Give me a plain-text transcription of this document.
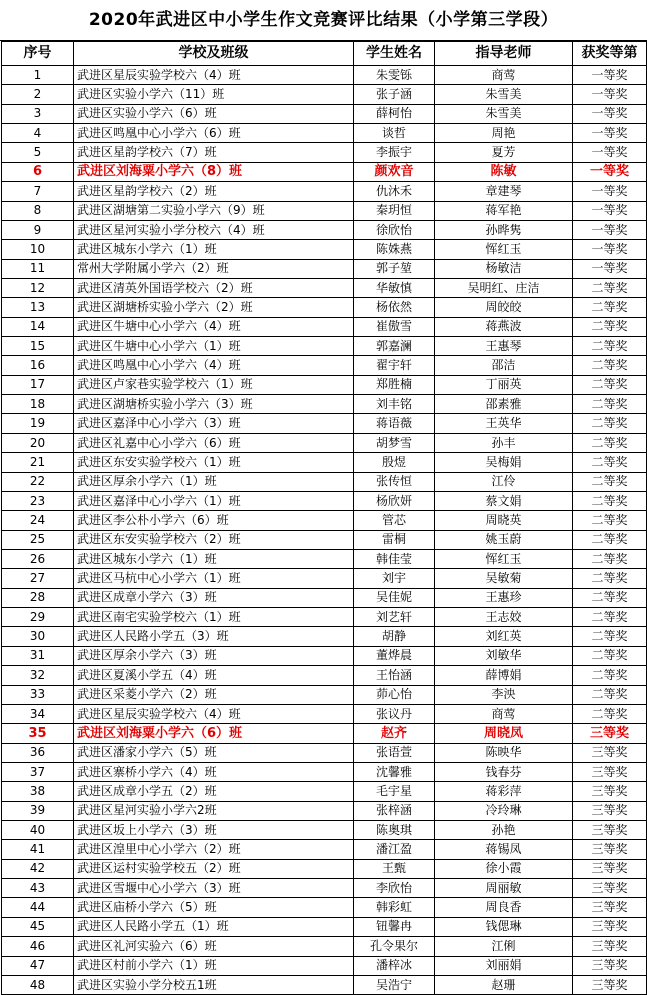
2020年武进区中小学生作文竞赛评比结果（小学第三学段）
序号	学校及班级	学生姓名	指导老师	获奖等第
1	武进区星辰实验学校六（4）班	朱雯铄	商莺	一等奖
2	武进区实验小学六（11）班	张子涵	朱雪美	一等奖
3	武进区实验小学六（6）班	薛柯怡	朱雪美	一等奖
4	武进区鸣凰中心小学六（6）班	谈哲	周艳	一等奖
5	武进区星韵学校六（7）班	李振宇	夏芳	一等奖
6	武进区刘海粟小学六（8）班	颜欢音	陈敏	一等奖
7	武进区星韵学校六（2）班	仇沐禾	章建琴	一等奖
8	武进区湖塘第二实验小学六（9）班	秦玥恒	蒋军艳	一等奖
9	武进区星河实验小学分校六（4）班	徐欣怡	孙晔隽	一等奖
10	武进区城东小学六（1）班	陈姝燕	恽红玉	一等奖
11	常州大学附属小学六（2）班	郭子堃	杨敏洁	一等奖
12	武进区清英外国语学校六（2）班	华敏慎	吴明红、庄洁	二等奖
13	武进区湖塘桥实验小学六（2）班	杨依然	周皎皎	二等奖
14	武进区牛塘中心小学六（4）班	崔傲雪	蒋燕波	二等奖
15	武进区牛塘中心小学六（1）班	郭嘉澜	王惠琴	二等奖
16	武进区鸣凰中心小学六（4）班	翟宇轩	邵洁	二等奖
17	武进区卢家巷实验学校六（1）班	郑胜楠	丁丽英	二等奖
18	武进区湖塘桥实验小学六（3）班	刘丰铭	邵素雅	二等奖
19	武进区嘉泽中心小学六（3）班	蒋语薇	王英华	二等奖
20	武进区礼嘉中心小学六（6）班	胡梦雪	孙丰	二等奖
21	武进区东安实验学校六（1）班	殷煜	吴梅娟	二等奖
22	武进区厚余小学六（1）班	张传恒	江伶	二等奖
23	武进区嘉泽中心小学六（1）班	杨欣妍	蔡文娟	二等奖
24	武进区李公朴小学六（6）班	管芯	周晓英	二等奖
25	武进区东安实验学校六（2）班	雷桐	姚玉蔚	二等奖
26	武进区城东小学六（1）班	韩佳莹	恽红玉	二等奖
27	武进区马杭中心小学六（1）班	刘宇	吴敏菊	二等奖
28	武进区成章小学六（3）班	吴佳妮	王惠珍	二等奖
29	武进区南宅实验学校六（1）班	刘艺轩	王志姣	二等奖
30	武进区人民路小学五（3）班	胡静	刘红英	二等奖
31	武进区厚余小学六（3）班	董烨晨	刘敏华	二等奖
32	武进区夏溪小学五（4）班	王怡涵	薛博娟	二等奖
33	武进区采菱小学六（2）班	茆心怡	李泱	二等奖
34	武进区星辰实验学校六（4）班	张议丹	商莺	二等奖
35	武进区刘海粟小学六（6）班	赵齐	周晓凤	三等奖
36	武进区潘家小学六（5）班	张语萱	陈映华	三等奖
37	武进区寨桥小学六（4）班	沈馨雅	钱春芬	三等奖
38	武进区成章小学五（2）班	毛宇星	蒋彩萍	三等奖
39	武进区星河实验小学六2班	张梓涵	冷玲琳	三等奖
40	武进区坂上小学六（3）班	陈奥琪	孙艳	三等奖
41	武进区湟里中心小学六（2）班	潘江盈	蒋锡凤	三等奖
42	武进区运村实验学校五（2）班	王甄	徐小霞	三等奖
43	武进区雪堰中心小学六（3）班	李欣怡	周丽敏	三等奖
44	武进区庙桥小学六（5）班	韩彩虹	周良香	三等奖
45	武进区人民路小学五（1）班	钮馨冉	钱偲琳	三等奖
46	武进区礼河实验六（6）班	孔令果尔	江俐	三等奖
47	武进区村前小学六（1）班	潘梓冰	刘丽娟	三等奖
48	武进区实验小学分校五1班	吴浩宁	赵珊	三等奖
